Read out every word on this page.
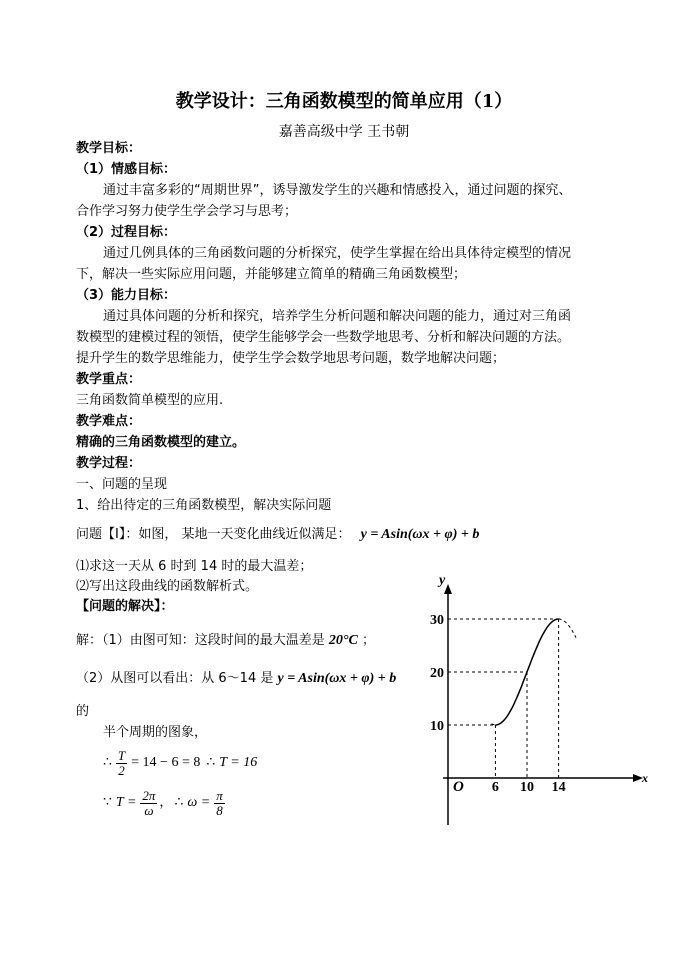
教学设计：三角函数模型的简单应用（1）
嘉善高级中学 王书朝
教学目标：
（1）情感目标：
通过丰富多彩的“周期世界”，诱导激发学生的兴趣和情感投入，通过问题的探究、
合作学习努力使学生学会学习与思考；
（2）过程目标：
通过几例具体的三角函数问题的分析探究，使学生掌握在给出具体待定模型的情况
下，解决一些实际应用问题，并能够建立简单的精确三角函数模型；
（3）能力目标：
通过具体问题的分析和探究，培养学生分析问题和解决问题的能力，通过对三角函
数模型的建模过程的领悟，使学生能够学会一些数学地思考、分析和解决问题的方法。
提升学生的数学思维能力，使学生学会数学地思考问题，数学地解决问题；
教学重点：
三角函数简单模型的应用.
教学难点：
精确的三角函数模型的建立。
教学过程：
一、问题的呈现
1、给出待定的三角函数模型，解决实际问题
问题【Ⅰ】：如图， 某地一天变化曲线近似满足： y = Asin(ωx + φ) + b
⑴求这一天从 6 时到 14 时的最大温差；
⑵写出这段曲线的函数解析式。
【问题的解决】：
解：（1）由图可知：这段时间的最大温差是 20°C ；
（2）从图可以看出：从 6～14 是 y = Asin(ωx + φ) + b
的
半个周期的图象，
∴ $\frac{T}{2} = 14 - 6 = 8$ ∴ T = 16
∵ $T = \frac{2\pi}{\omega}$ ， ∴ $\omega = \frac{\pi}{8}$
y
x
O 6 10 14
10
20
30
